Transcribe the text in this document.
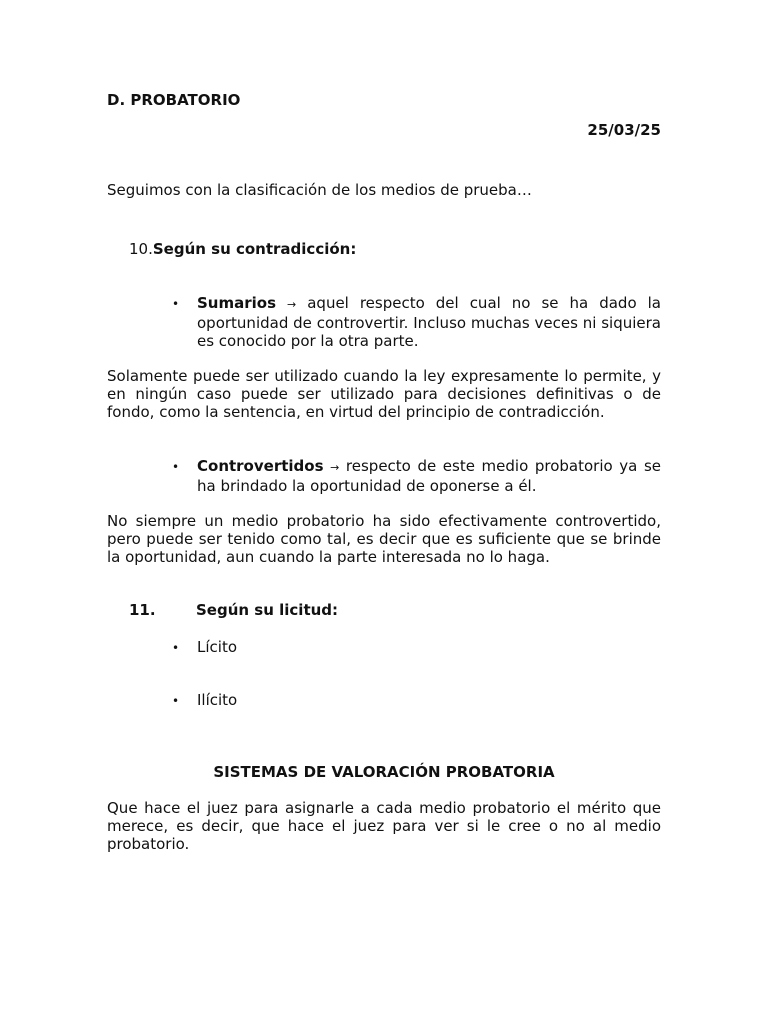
D. PROBATORIO
25/03/25
Seguimos con la clasificación de los medios de prueba…
10.Según su contradicción:
• Sumarios → aquel respecto del cual no se ha dado la oportunidad de controvertir. Incluso muchas veces ni siquiera es conocido por la otra parte.
Solamente puede ser utilizado cuando la ley expresamente lo permite, y en ningún caso puede ser utilizado para decisiones definitivas o de fondo, como la sentencia, en virtud del principio de contradicción.
• Controvertidos → respecto de este medio probatorio ya se ha brindado la oportunidad de oponerse a él.
No siempre un medio probatorio ha sido efectivamente controvertido, pero puede ser tenido como tal, es decir que es suficiente que se brinde la oportunidad, aun cuando la parte interesada no lo haga.
11.	Según su licitud:
• Lícito
• Ilícito
SISTEMAS DE VALORACIÓN PROBATORIA
Que hace el juez para asignarle a cada medio probatorio el mérito que merece, es decir, que hace el juez para ver si le cree o no al medio probatorio.
